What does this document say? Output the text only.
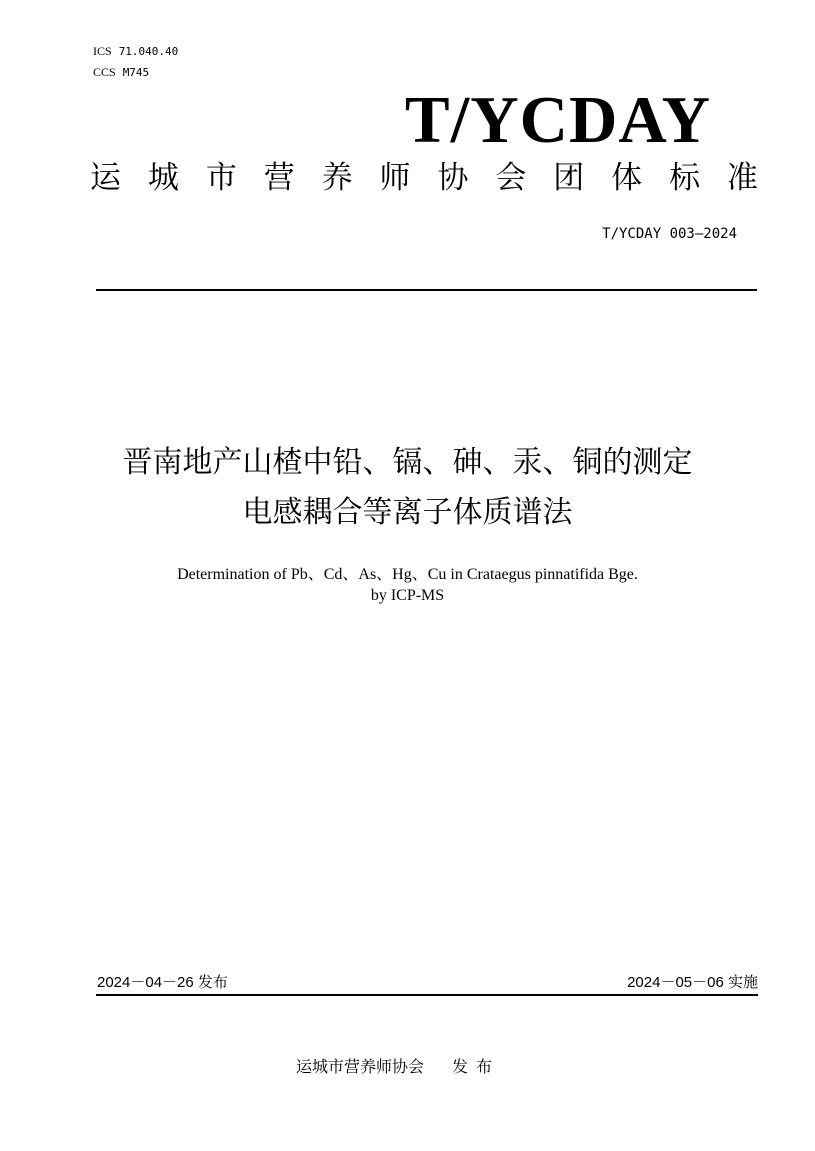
ICS 71.040.40
CCS M745
T/YCDAY
运 城 市 营 养 师 协 会 团 体 标 准
T/YCDAY 003—2024
晋南地产山楂中铅、镉、砷、汞、铜的测定
电感耦合等离子体质谱法
Determination of Pb、Cd、As、Hg、Cu in Crataegus pinnatifida Bge.
by ICP-MS
2024－04－26 发布	2024－05－06 实施
运城市营养师协会 发布
